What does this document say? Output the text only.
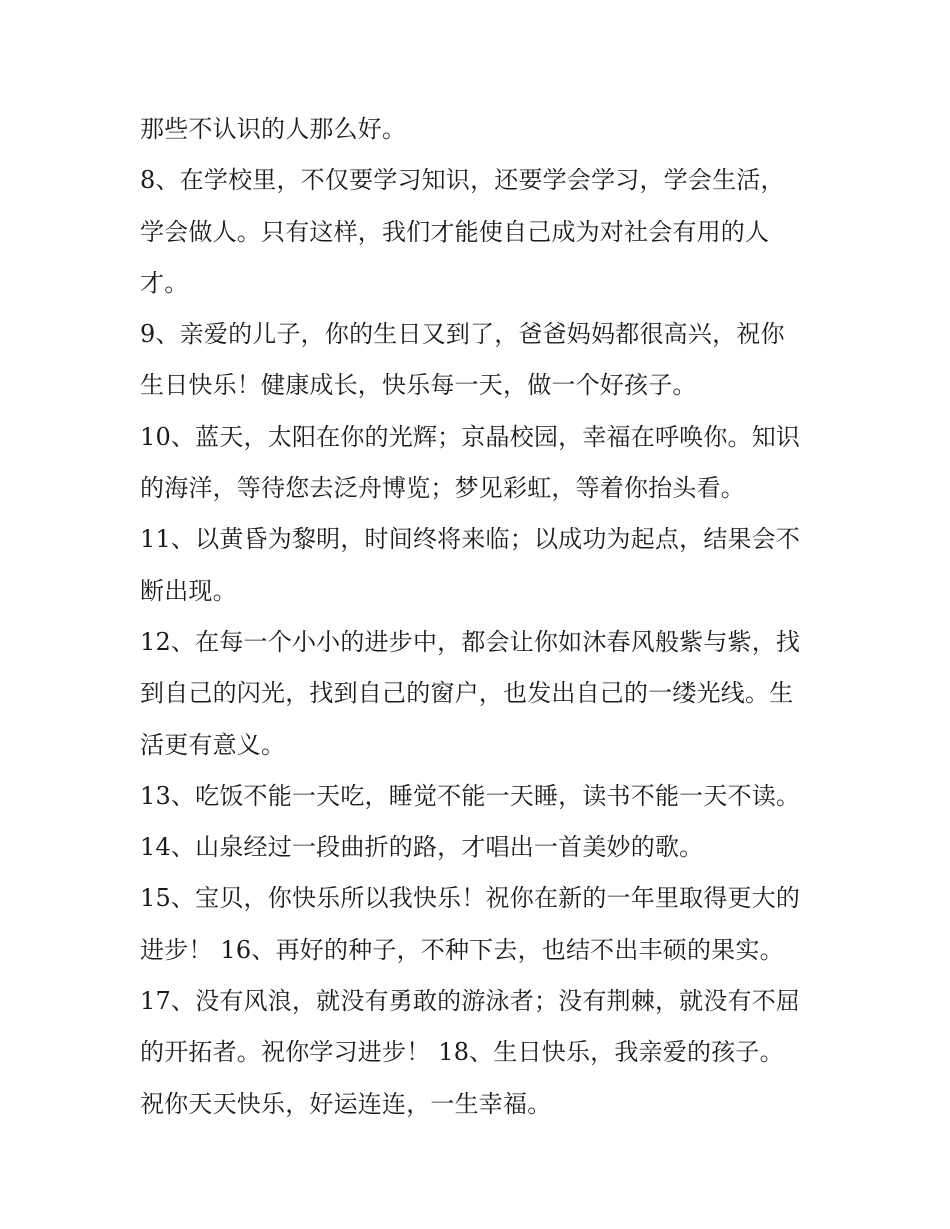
那些不认识的人那么好。
8、在学校里，不仅要学习知识，还要学会学习，学会生活，
学会做人。只有这样，我们才能使自己成为对社会有用的人
才。
9、亲爱的儿子，你的生日又到了，爸爸妈妈都很高兴，祝你
生日快乐！健康成长，快乐每一天，做一个好孩子。
10、蓝天，太阳在你的光辉；京晶校园，幸福在呼唤你。知识
的海洋，等待您去泛舟博览；梦见彩虹，等着你抬头看。
11、以黄昏为黎明，时间终将来临；以成功为起点，结果会不
断出现。
12、在每一个小小的进步中，都会让你如沐春风般紫与紫，找
到自己的闪光，找到自己的窗户，也发出自己的一缕光线。生
活更有意义。
13、吃饭不能一天吃，睡觉不能一天睡，读书不能一天不读。
14、山泉经过一段曲折的路，才唱出一首美妙的歌。
15、宝贝，你快乐所以我快乐！祝你在新的一年里取得更大的
进步！ 16、再好的种子，不种下去，也结不出丰硕的果实。
17、没有风浪，就没有勇敢的游泳者；没有荆棘，就没有不屈
的开拓者。祝你学习进步！ 18、生日快乐，我亲爱的孩子。
祝你天天快乐，好运连连，一生幸福。
